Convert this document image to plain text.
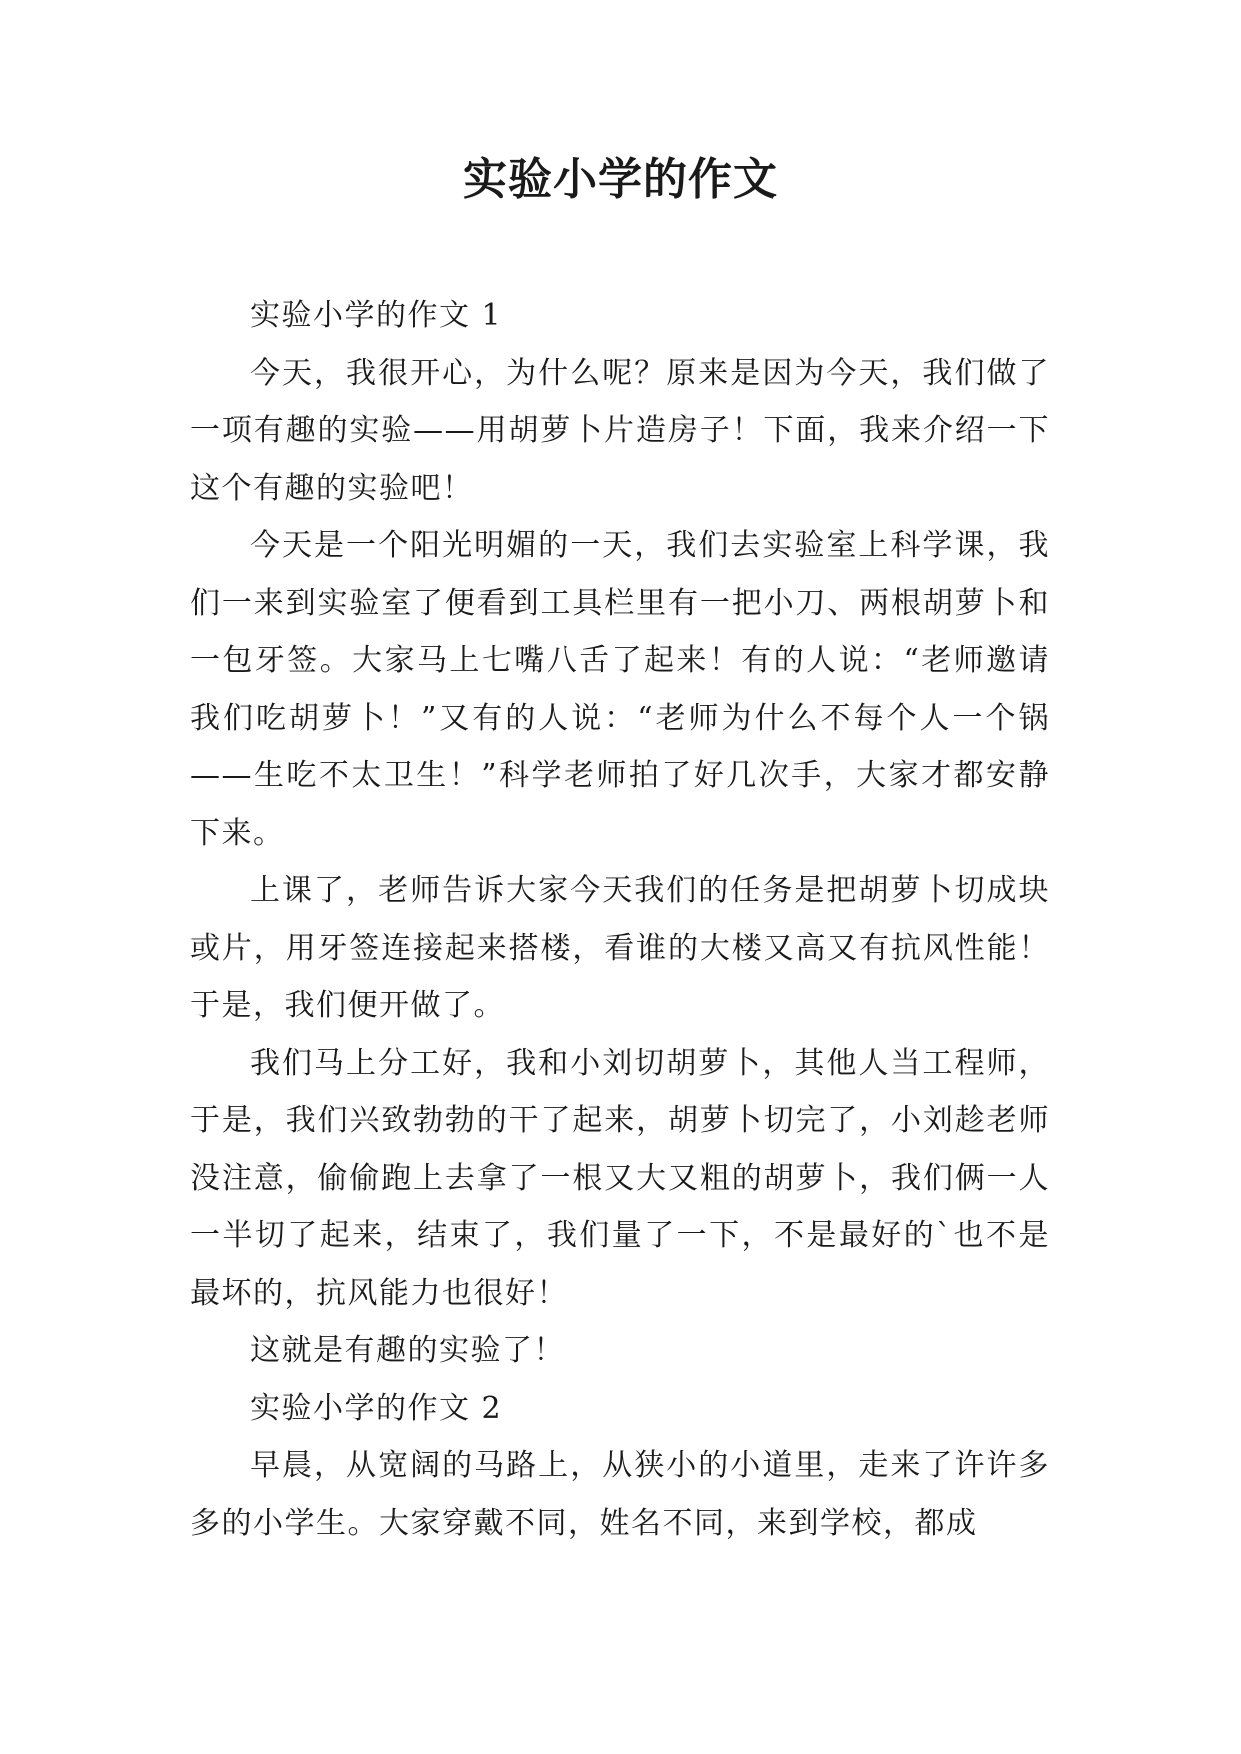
实验小学的作文

实验小学的作文 1

今天，我很开心，为什么呢？原来是因为今天，我们做了一项有趣的实验——用胡萝卜片造房子！下面，我来介绍一下这个有趣的实验吧！

今天是一个阳光明媚的一天，我们去实验室上科学课，我们一来到实验室了便看到工具栏里有一把小刀、两根胡萝卜和一包牙签。大家马上七嘴八舌了起来！有的人说：“老师邀请我们吃胡萝卜！”又有的人说：“老师为什么不每个人一个锅——生吃不太卫生！”科学老师拍了好几次手，大家才都安静下来。

上课了，老师告诉大家今天我们的任务是把胡萝卜切成块或片，用牙签连接起来搭楼，看谁的大楼又高又有抗风性能！于是，我们便开做了。

我们马上分工好，我和小刘切胡萝卜，其他人当工程师，于是，我们兴致勃勃的干了起来，胡萝卜切完了，小刘趁老师没注意，偷偷跑上去拿了一根又大又粗的胡萝卜，我们俩一人一半切了起来，结束了，我们量了一下，不是最好的`也不是最坏的，抗风能力也很好！

这就是有趣的实验了！

实验小学的作文 2

早晨，从宽阔的马路上，从狭小的小道里，走来了许许多多的小学生。大家穿戴不同，姓名不同，来到学校，都成
